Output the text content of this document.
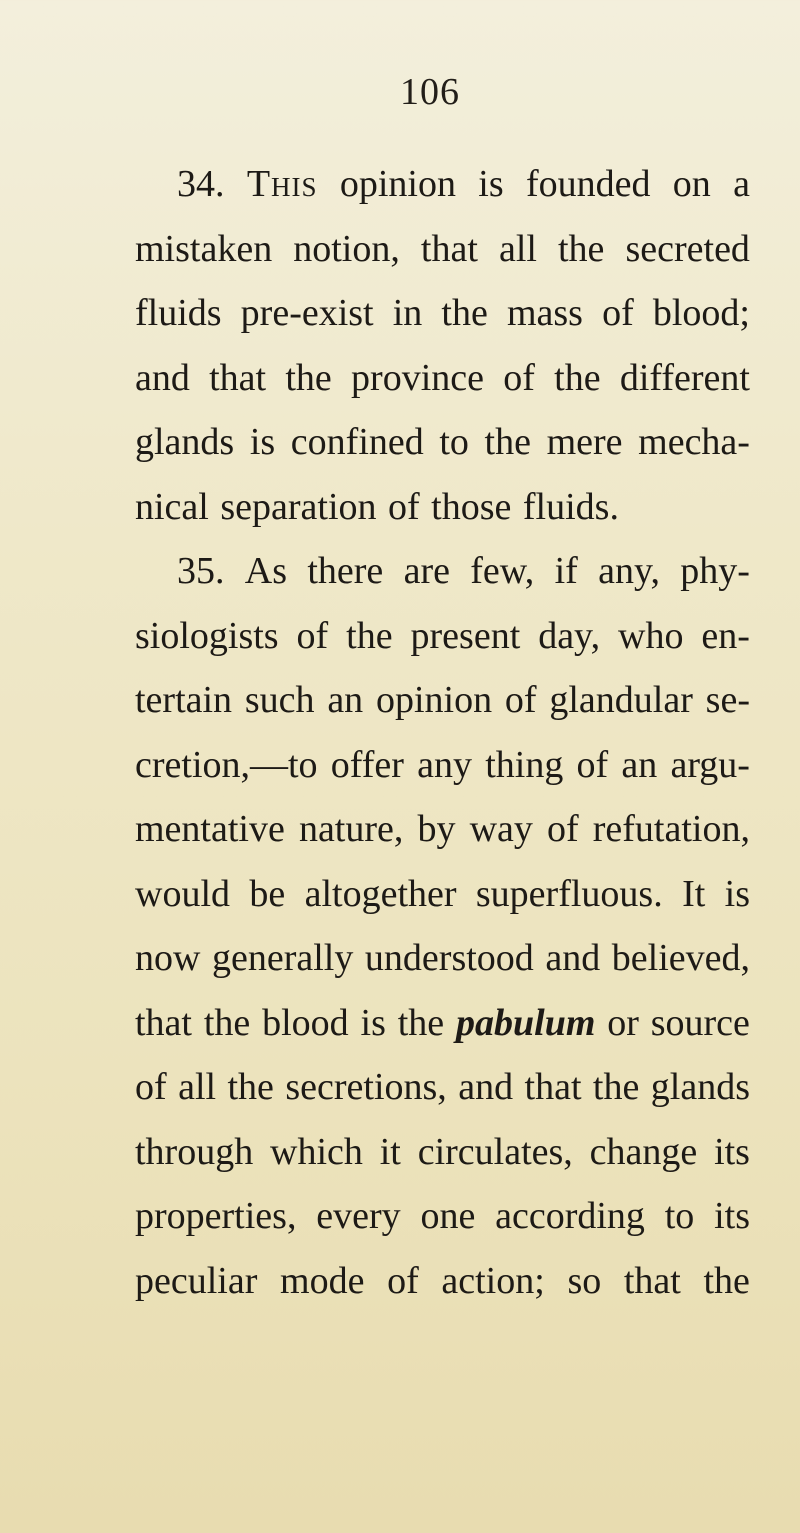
106
34. This opinion is founded on a
mistaken notion, that all the secreted
fluids pre-exist in the mass of blood;
and that the province of the different
glands is confined to the mere mecha-
nical
separation
of
those
fluids.
35. As there are few, if any, phy-
siologists of the present day, who en-
tertain such an opinion of glandular se-
cretion,—to offer any thing of an argu-
mentative nature, by way of refutation,
would be altogether superfluous. It is
now generally understood and believed,
that the blood is the pabulum or source
of all the secretions, and that the glands
through which it circulates, change its
properties, every one according to its
peculiar mode of action; so that the
